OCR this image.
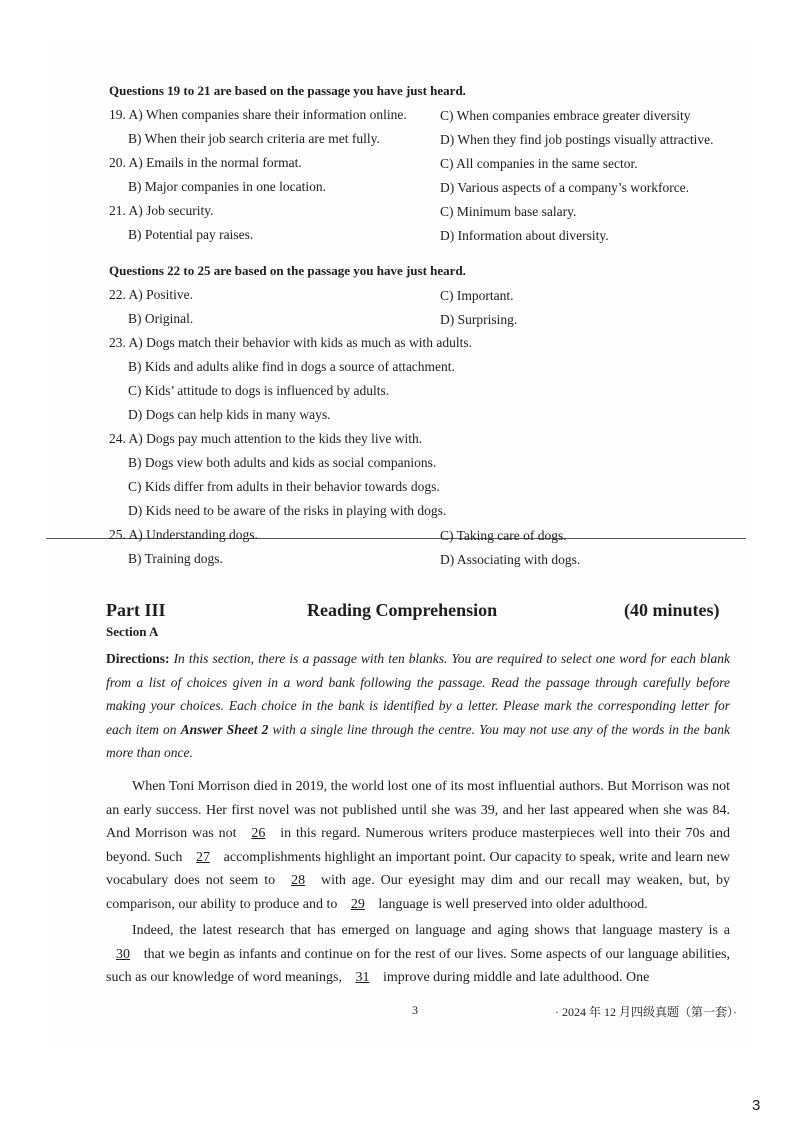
Questions 19 to 21 are based on the passage you have just heard.
19. A) When companies share their information online. C) When companies embrace greater diversity
B) When their job search criteria are met fully.	D) When they find job postings visually attractive.
20. A) Emails in the normal format.	C) All companies in the same sector.
B) Major companies in one location.	D) Various aspects of a company’s workforce.
21. A) Job security.	C) Minimum base salary.
B) Potential pay raises.	D) Information about diversity.
Questions 22 to 25 are based on the passage you have just heard.
22. A) Positive.	C) Important.
B) Original.	D) Surprising.
23. A) Dogs match their behavior with kids as much as with adults.
B) Kids and adults alike find in dogs a source of attachment.
C) Kids’ attitude to dogs is influenced by adults.
D) Dogs can help kids in many ways.
24. A) Dogs pay much attention to the kids they live with.
B) Dogs view both adults and kids as social companions.
C) Kids differ from adults in their behavior towards dogs.
D) Kids need to be aware of the risks in playing with dogs.
25. A) Understanding dogs.	C) Taking care of dogs.
B) Training dogs.	D) Associating with dogs.
Part III	Reading Comprehension	(40 minutes)
Section A
Directions: In this section, there is a passage with ten blanks. You are required to select one word for each blank from a list of choices given in a word bank following the passage. Read the passage through carefully before making your choices. Each choice in the bank is identified by a letter. Please mark the corresponding letter for each item on Answer Sheet 2 with a single line through the centre. You may not use any of the words in the bank more than once.

When Toni Morrison died in 2019, the world lost one of its most influential authors. But Morrison was not an early success. Her first novel was not published until she was 39, and her last appeared when she was 84. And Morrison was not 26 in this regard. Numerous writers produce masterpieces well into their 70s and beyond. Such 27 accomplishments highlight an important point. Our capacity to speak, write and learn new vocabulary does not seem to 28 with age. Our eyesight may dim and our recall may weaken, but, by comparison, our ability to produce and to 29 language is well preserved into older adulthood.

Indeed, the latest research that has emerged on language and aging shows that language mastery is a 30 that we begin as infants and continue on for the rest of our lives. Some aspects of our language abilities, such as our knowledge of word meanings, 31 improve during middle and late adulthood. One

3	· 2024 年 12 月四级真题（第一套）·
3
